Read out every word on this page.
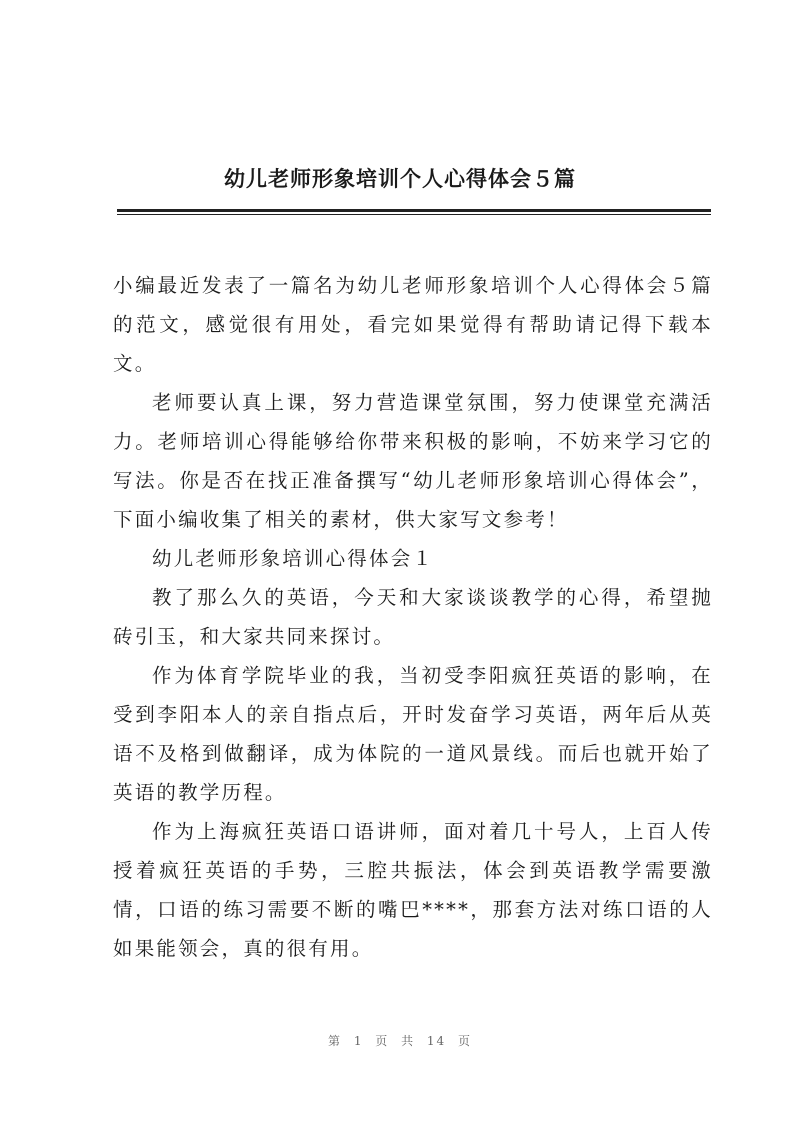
幼儿老师形象培训个人心得体会５篇

小编最近发表了一篇名为幼儿老师形象培训个人心得体会５篇的范文，感觉很有用处，看完如果觉得有帮助请记得下载本文。

老师要认真上课，努力营造课堂氛围，努力使课堂充满活力。老师培训心得能够给你带来积极的影响，不妨来学习它的写法。你是否在找正准备撰写“幼儿老师形象培训心得体会”，下面小编收集了相关的素材，供大家写文参考！

幼儿老师形象培训心得体会１

教了那么久的英语，今天和大家谈谈教学的心得，希望抛砖引玉，和大家共同来探讨。

作为体育学院毕业的我，当初受李阳疯狂英语的影响，在受到李阳本人的亲自指点后，开时发奋学习英语，两年后从英语不及格到做翻译，成为体院的一道风景线。而后也就开始了英语的教学历程。

作为上海疯狂英语口语讲师，面对着几十号人，上百人传授着疯狂英语的手势，三腔共振法，体会到英语教学需要激情，口语的练习需要不断的嘴巴****，那套方法对练口语的人如果能领会，真的很有用。

第 1 页 共 14 页
